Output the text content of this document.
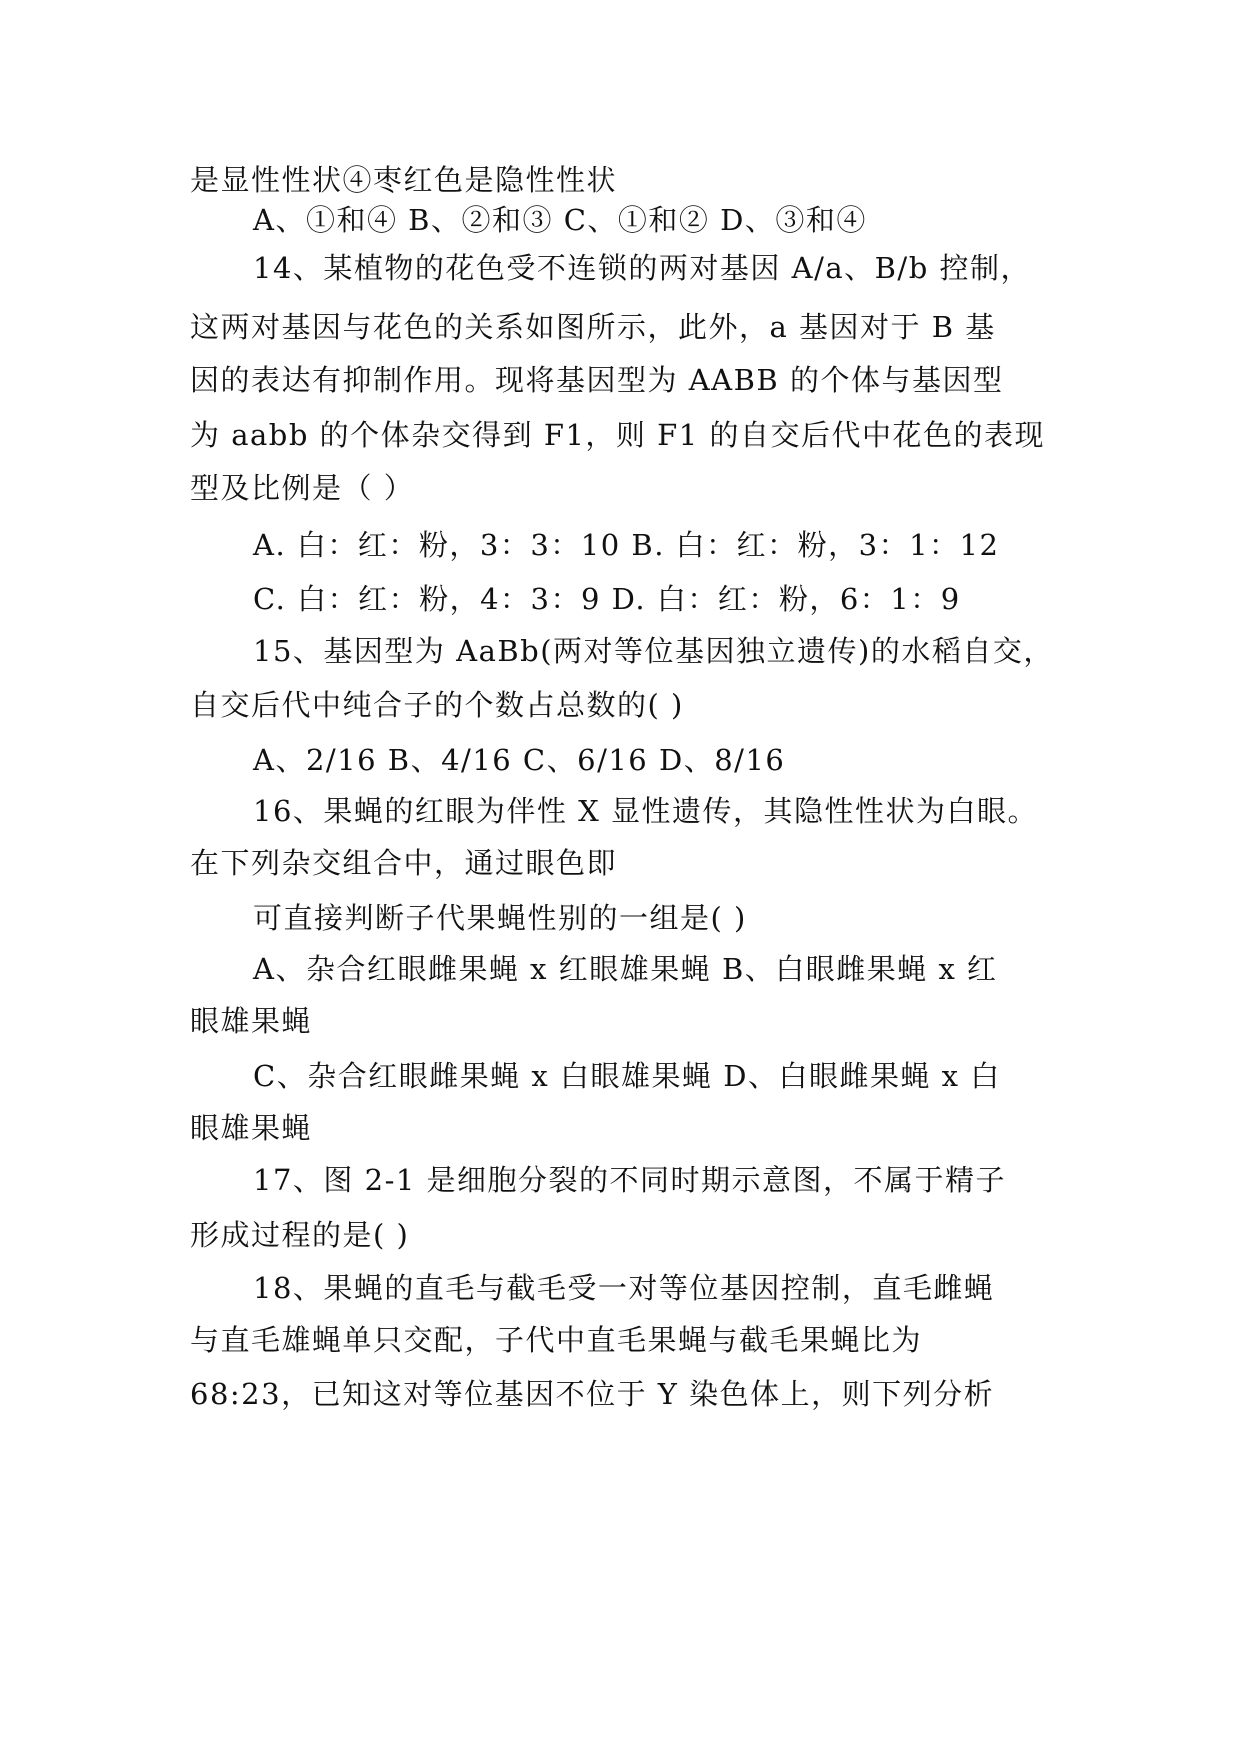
是显性性状④枣红色是隐性性状
A、①和④ B、②和③ C、①和② D、③和④
14、某植物的花色受不连锁的两对基因 A/a、B/b 控制，
这两对基因与花色的关系如图所示，此外，a 基因对于 B 基
因的表达有抑制作用。现将基因型为 AABB 的个体与基因型
为 aabb 的个体杂交得到 F1，则 F1 的自交后代中花色的表现
型及比例是（ ）
A. 白：红：粉，3：3：10 B. 白：红：粉，3：1：12
C. 白：红：粉，4：3：9 D. 白：红：粉，6：1：9
15、基因型为 AaBb(两对等位基因独立遗传)的水稻自交，
自交后代中纯合子的个数占总数的( )
A、2/16 B、4/16 C、6/16 D、8/16
16、果蝇的红眼为伴性 X 显性遗传，其隐性性状为白眼。
在下列杂交组合中，通过眼色即
可直接判断子代果蝇性别的一组是( )
A、杂合红眼雌果蝇 x 红眼雄果蝇 B、白眼雌果蝇 x 红
眼雄果蝇
C、杂合红眼雌果蝇 x 白眼雄果蝇 D、白眼雌果蝇 x 白
眼雄果蝇
17、图 2-1 是细胞分裂的不同时期示意图，不属于精子
形成过程的是( )
18、果蝇的直毛与截毛受一对等位基因控制，直毛雌蝇
与直毛雄蝇单只交配，子代中直毛果蝇与截毛果蝇比为
68:23，已知这对等位基因不位于 Y 染色体上，则下列分析
